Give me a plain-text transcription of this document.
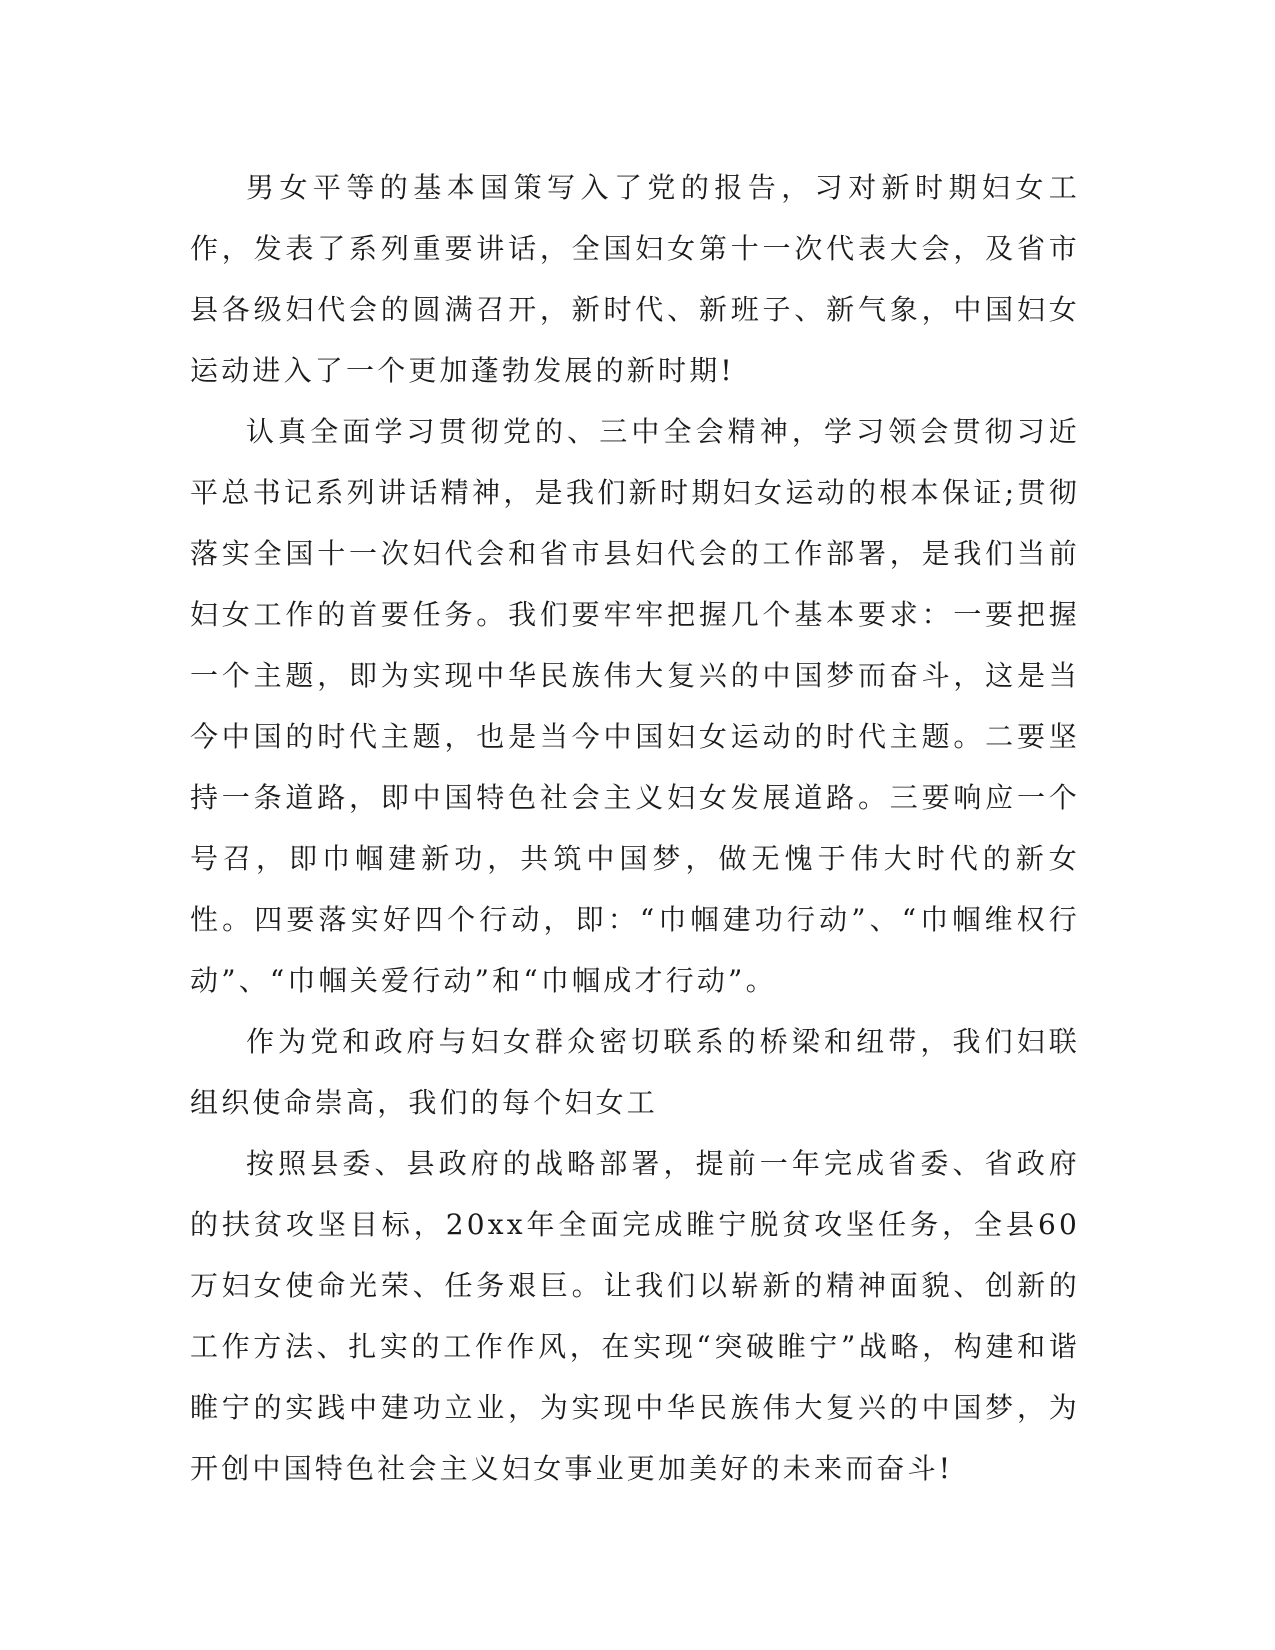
男女平等的基本国策写入了党的报告，习对新时期妇女工作，发表了系列重要讲话，全国妇女第十一次代表大会，及省市县各级妇代会的圆满召开，新时代、新班子、新气象，中国妇女运动进入了一个更加蓬勃发展的新时期!

认真全面学习贯彻党的、三中全会精神，学习领会贯彻习近平总书记系列讲话精神，是我们新时期妇女运动的根本保证;贯彻落实全国十一次妇代会和省市县妇代会的工作部署，是我们当前妇女工作的首要任务。我们要牢牢把握几个基本要求：一要把握一个主题，即为实现中华民族伟大复兴的中国梦而奋斗，这是当今中国的时代主题，也是当今中国妇女运动的时代主题。二要坚持一条道路，即中国特色社会主义妇女发展道路。三要响应一个号召，即巾帼建新功，共筑中国梦，做无愧于伟大时代的新女性。四要落实好四个行动，即：“巾帼建功行动”、“巾帼维权行动”、“巾帼关爱行动”和“巾帼成才行动”。

作为党和政府与妇女群众密切联系的桥梁和纽带，我们妇联组织使命崇高，我们的每个妇女工

按照县委、县政府的战略部署，提前一年完成省委、省政府的扶贫攻坚目标，20xx年全面完成睢宁脱贫攻坚任务，全县60万妇女使命光荣、任务艰巨。让我们以崭新的精神面貌、创新的工作方法、扎实的工作作风，在实现“突破睢宁”战略，构建和谐睢宁的实践中建功立业，为实现中华民族伟大复兴的中国梦，为开创中国特色社会主义妇女事业更加美好的未来而奋斗!
